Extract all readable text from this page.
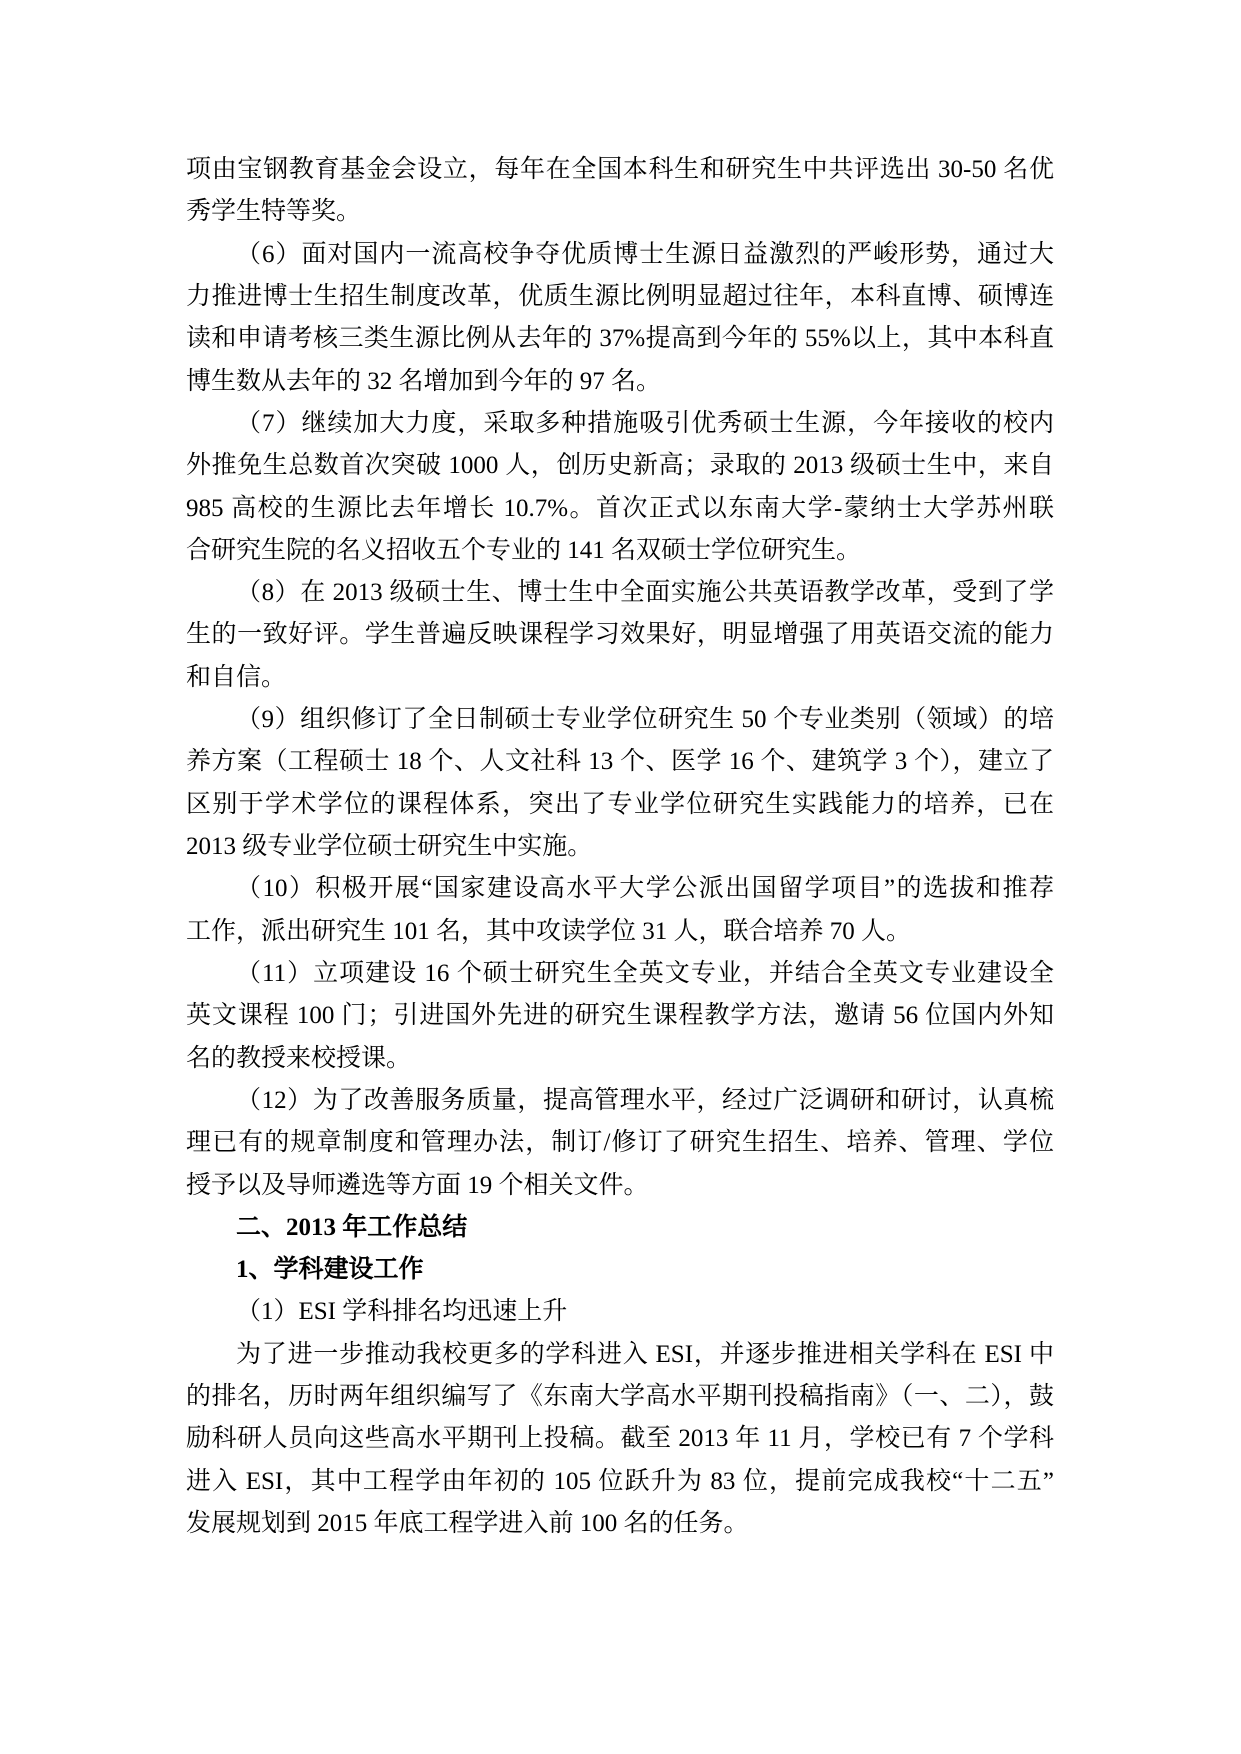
项由宝钢教育基金会设立，每年在全国本科生和研究生中共评选出 30-50 名优
秀学生特等奖。
（6）面对国内一流高校争夺优质博士生源日益激烈的严峻形势，通过大
力推进博士生招生制度改革，优质生源比例明显超过往年，本科直博、硕博连
读和申请考核三类生源比例从去年的 37%提高到今年的 55%以上，其中本科直
博生数从去年的 32 名增加到今年的 97 名。
（7）继续加大力度，采取多种措施吸引优秀硕士生源，今年接收的校内
外推免生总数首次突破 1000 人，创历史新高；录取的 2013 级硕士生中，来自
985 高校的生源比去年增长 10.7%。首次正式以东南大学-蒙纳士大学苏州联
合研究生院的名义招收五个专业的 141 名双硕士学位研究生。
（8）在 2013 级硕士生、博士生中全面实施公共英语教学改革，受到了学
生的一致好评。学生普遍反映课程学习效果好，明显增强了用英语交流的能力
和自信。
（9）组织修订了全日制硕士专业学位研究生 50 个专业类别（领域）的培
养方案（工程硕士 18 个、人文社科 13 个、医学 16 个、建筑学 3 个），建立了
区别于学术学位的课程体系，突出了专业学位研究生实践能力的培养，已在
2013 级专业学位硕士研究生中实施。
（10）积极开展“国家建设高水平大学公派出国留学项目”的选拔和推荐
工作，派出研究生 101 名，其中攻读学位 31 人，联合培养 70 人。
（11）立项建设 16 个硕士研究生全英文专业，并结合全英文专业建设全
英文课程 100 门；引进国外先进的研究生课程教学方法，邀请 56 位国内外知
名的教授来校授课。
（12）为了改善服务质量，提高管理水平，经过广泛调研和研讨，认真梳
理已有的规章制度和管理办法，制订/修订了研究生招生、培养、管理、学位
授予以及导师遴选等方面 19 个相关文件。
二、2013 年工作总结
1、学科建设工作
（1）ESI 学科排名均迅速上升
为了进一步推动我校更多的学科进入 ESI，并逐步推进相关学科在 ESI 中
的排名，历时两年组织编写了《东南大学高水平期刊投稿指南》（一、二），鼓
励科研人员向这些高水平期刊上投稿。截至 2013 年 11 月，学校已有 7 个学科
进入 ESI，其中工程学由年初的 105 位跃升为 83 位，提前完成我校“十二五”
发展规划到 2015 年底工程学进入前 100 名的任务。
